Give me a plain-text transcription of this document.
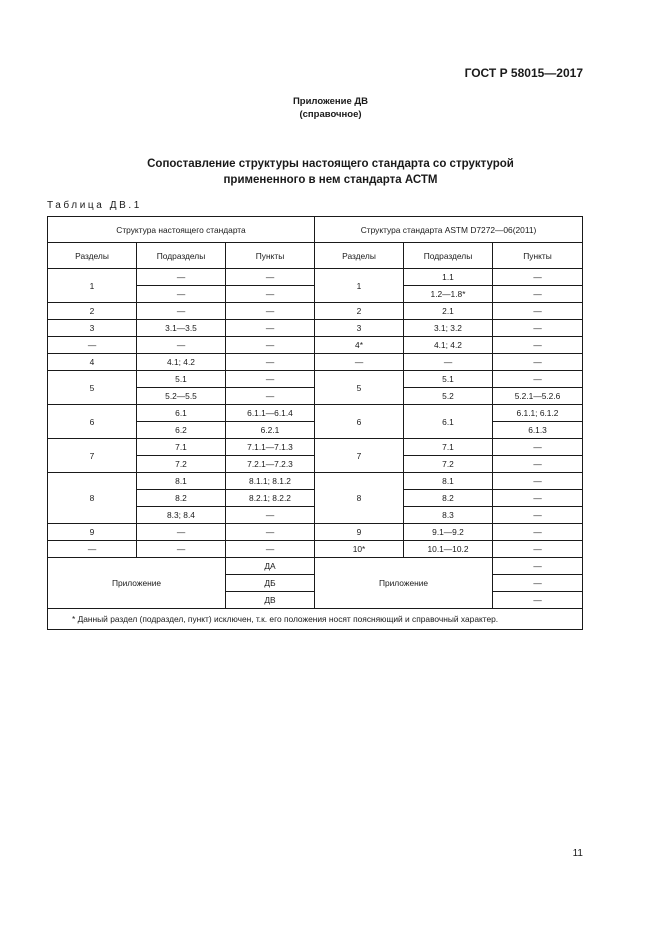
ГОСТ Р 58015—2017
Приложение ДВ
(справочное)
Сопоставление структуры настоящего стандарта со структурой
примененного в нем стандарта АСТМ
Таблица ДВ.1
Структура настоящего стандарта			Структура стандарта ASTM D7272—06(2011)		
Разделы	Подразделы	Пункты	Разделы	Подразделы	Пункты
1	—	—	1	1.1	—
	—	—		1.2—1.8*	—
2	—	—	2	2.1	—
3	3.1—3.5	—	3	3.1; 3.2	—
—	—	—	4*	4.1; 4.2	—
4	4.1; 4.2	—	—	—	—
5	5.1	—	5	5.1	—
	5.2—5.5	—		5.2	5.2.1—5.2.6
6	6.1	6.1.1—6.1.4	6	6.1	6.1.1; 6.1.2
	6.2	6.2.1			6.1.3
7	7.1	7.1.1—7.1.3	7	7.1	—
	7.2	7.2.1—7.2.3		7.2	—
8	8.1	8.1.1; 8.1.2	8	8.1	—
	8.2	8.2.1; 8.2.2		8.2	—
	8.3; 8.4	—		8.3	—
9	—	—	9	9.1—9.2	—
—	—	—	10*	10.1—10.2	—
Приложение		ДА	Приложение		—
		ДБ			—
		ДВ			—
* Данный раздел (подраздел, пункт) исключен, т.к. его положения носят поясняющий и справочный характер.					
11
